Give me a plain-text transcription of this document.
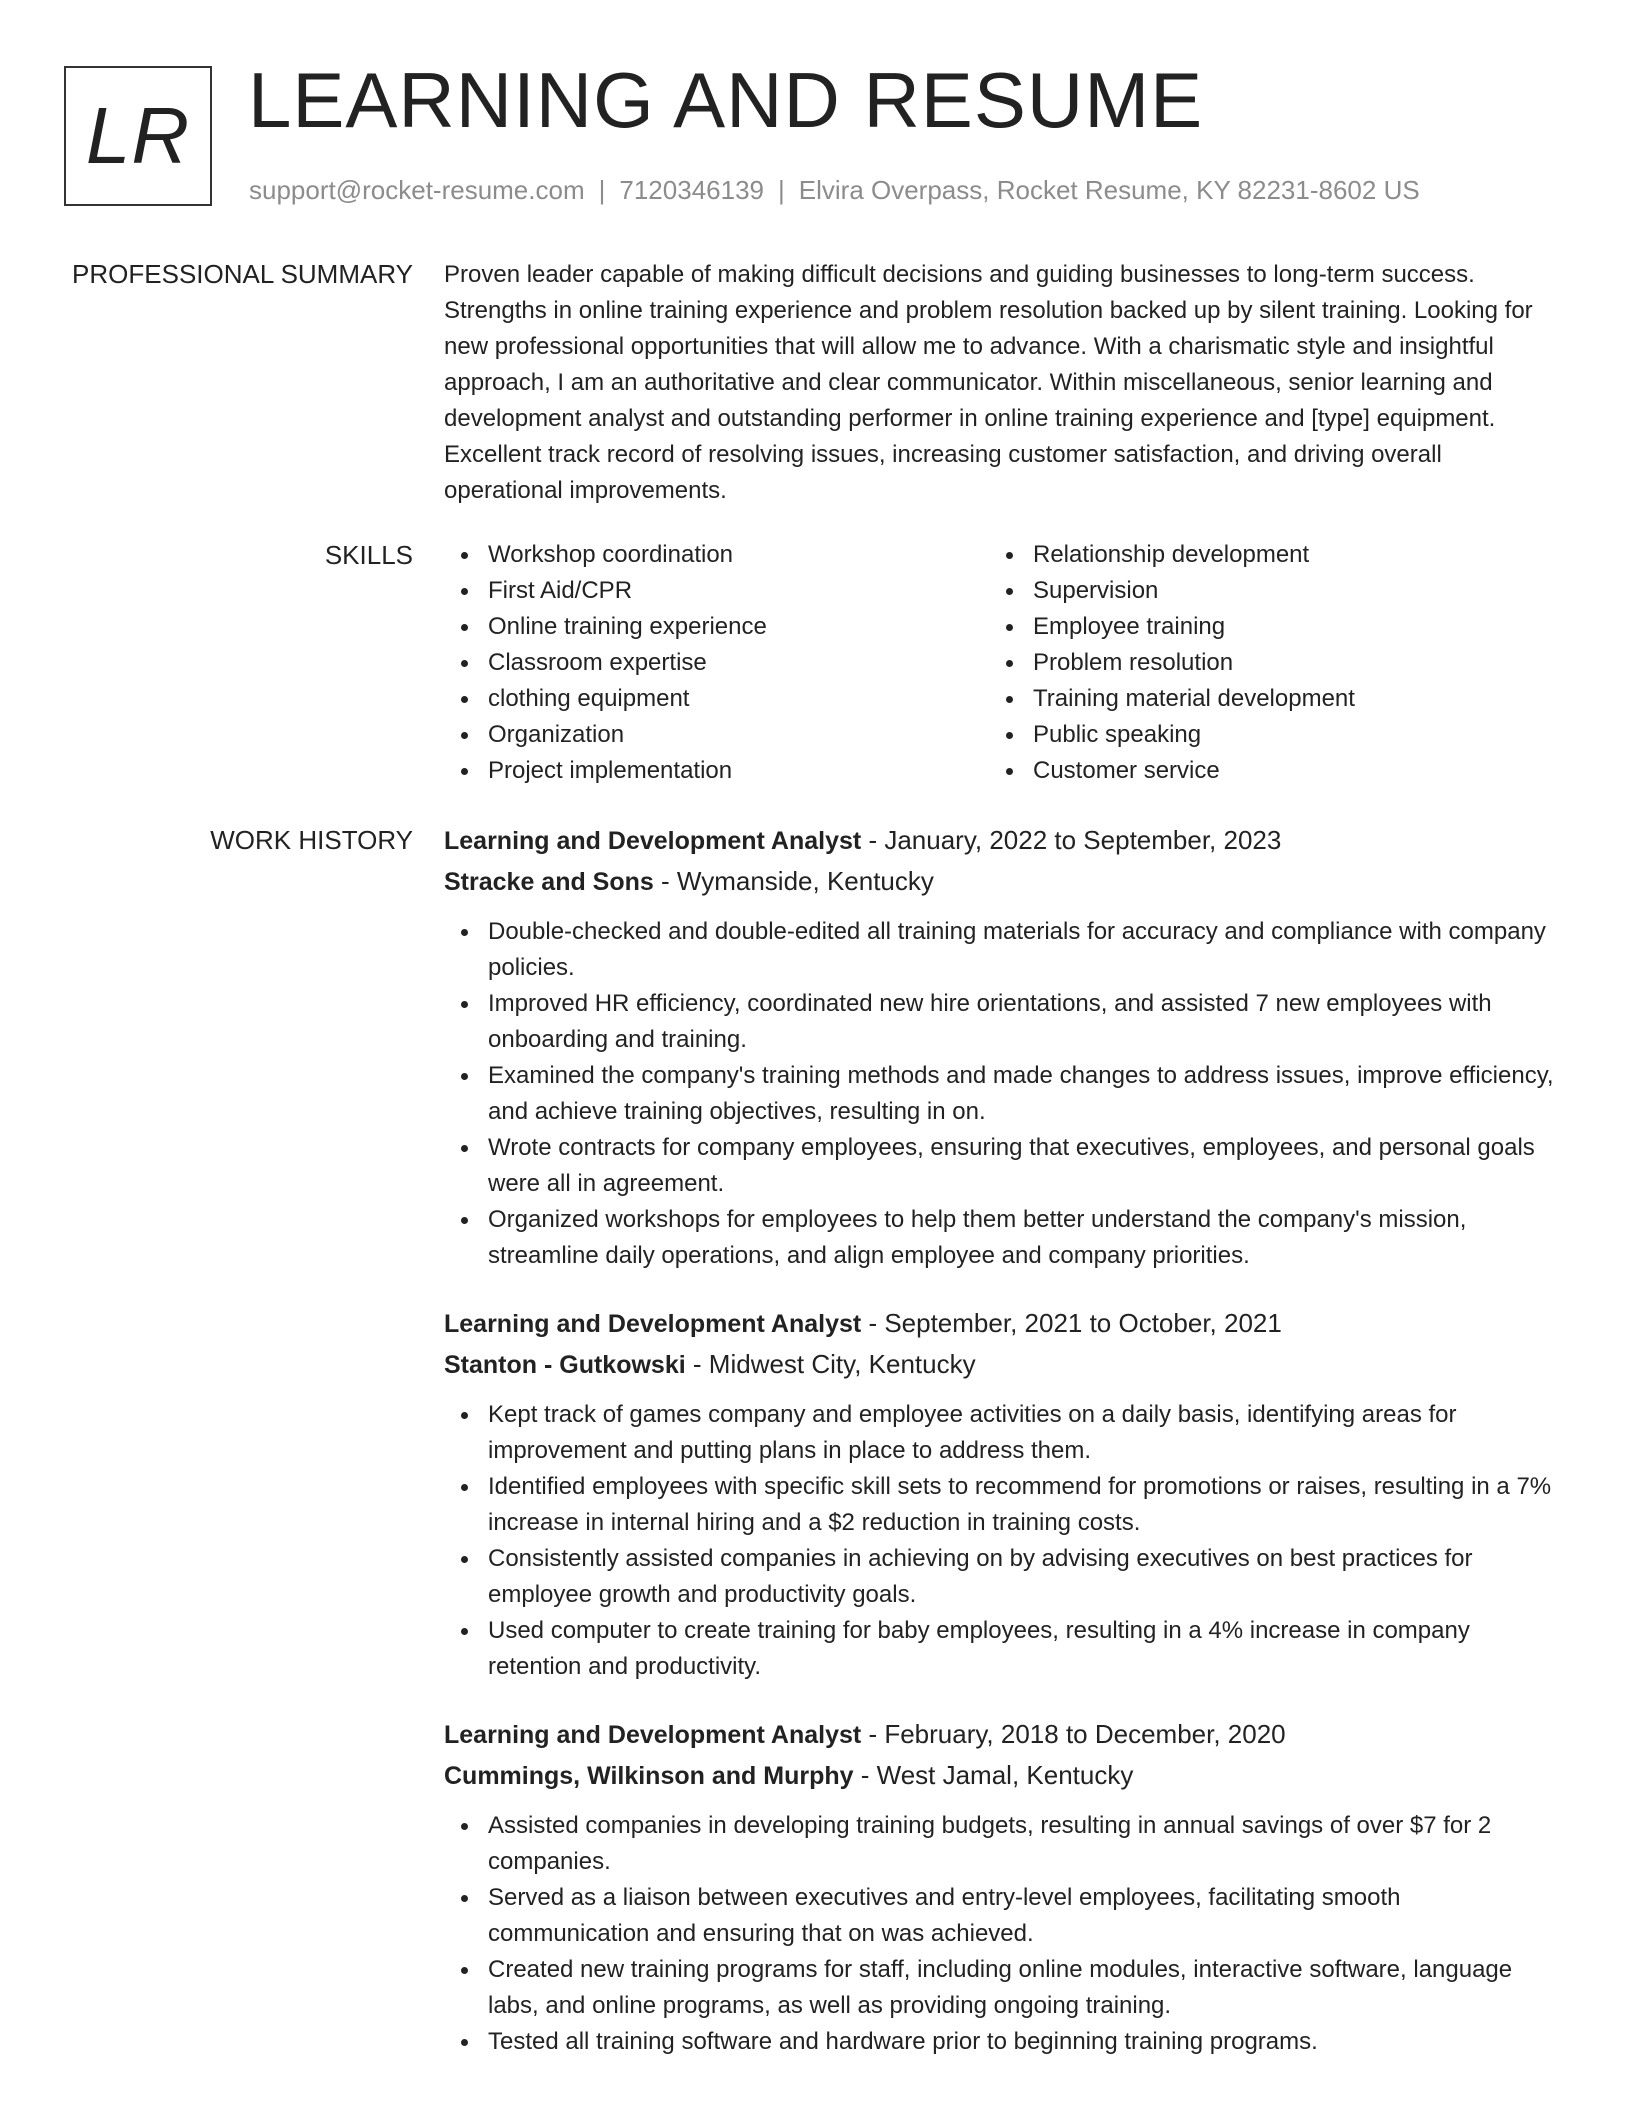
LR LEARNING AND RESUME
support@rocket-resume.com | 7120346139 | Elvira Overpass, Rocket Resume, KY 82231-8602 US
PROFESSIONAL SUMMARY Proven leader capable of making difficult decisions and guiding businesses to long-term success. Strengths in online training experience and problem resolution backed up by silent training. Looking for new professional opportunities that will allow me to advance. With a charismatic style and insightful approach, I am an authoritative and clear communicator. Within miscellaneous, senior learning and development analyst and outstanding performer in online training experience and [type] equipment. Excellent track record of resolving issues, increasing customer satisfaction, and driving overall operational improvements.
SKILLS	Workshop coordination
First Aid/CPR
Online training experience
Classroom expertise
clothing equipment
Organization
Project implementation
Relationship development
Supervision
Employee training
Problem resolution
Training material development
Public speaking
Customer service
WORK HISTORY Learning and Development Analyst - January, 2022 to September, 2023
Stracke and Sons - Wymanside, Kentucky
Double-checked and double-edited all training materials for accuracy and compliance with company policies.
Improved HR efficiency, coordinated new hire orientations, and assisted 7 new employees with onboarding and training.
Examined the company's training methods and made changes to address issues, improve efficiency, and achieve training objectives, resulting in on.
Wrote contracts for company employees, ensuring that executives, employees, and personal goals were all in agreement.
Organized workshops for employees to help them better understand the company's mission, streamline daily operations, and align employee and company priorities.
Learning and Development Analyst - September, 2021 to October, 2021
Stanton - Gutkowski - Midwest City, Kentucky
Kept track of games company and employee activities on a daily basis, identifying areas for improvement and putting plans in place to address them.
Identified employees with specific skill sets to recommend for promotions or raises, resulting in a 7% increase in internal hiring and a $2 reduction in training costs.
Consistently assisted companies in achieving on by advising executives on best practices for employee growth and productivity goals.
Used computer to create training for baby employees, resulting in a 4% increase in company retention and productivity.
Learning and Development Analyst - February, 2018 to December, 2020
Cummings, Wilkinson and Murphy - West Jamal, Kentucky
Assisted companies in developing training budgets, resulting in annual savings of over $7 for 2 companies.
Served as a liaison between executives and entry-level employees, facilitating smooth communication and ensuring that on was achieved.
Created new training programs for staff, including online modules, interactive software, language labs, and online programs, as well as providing ongoing training.
Tested all training software and hardware prior to beginning training programs.
